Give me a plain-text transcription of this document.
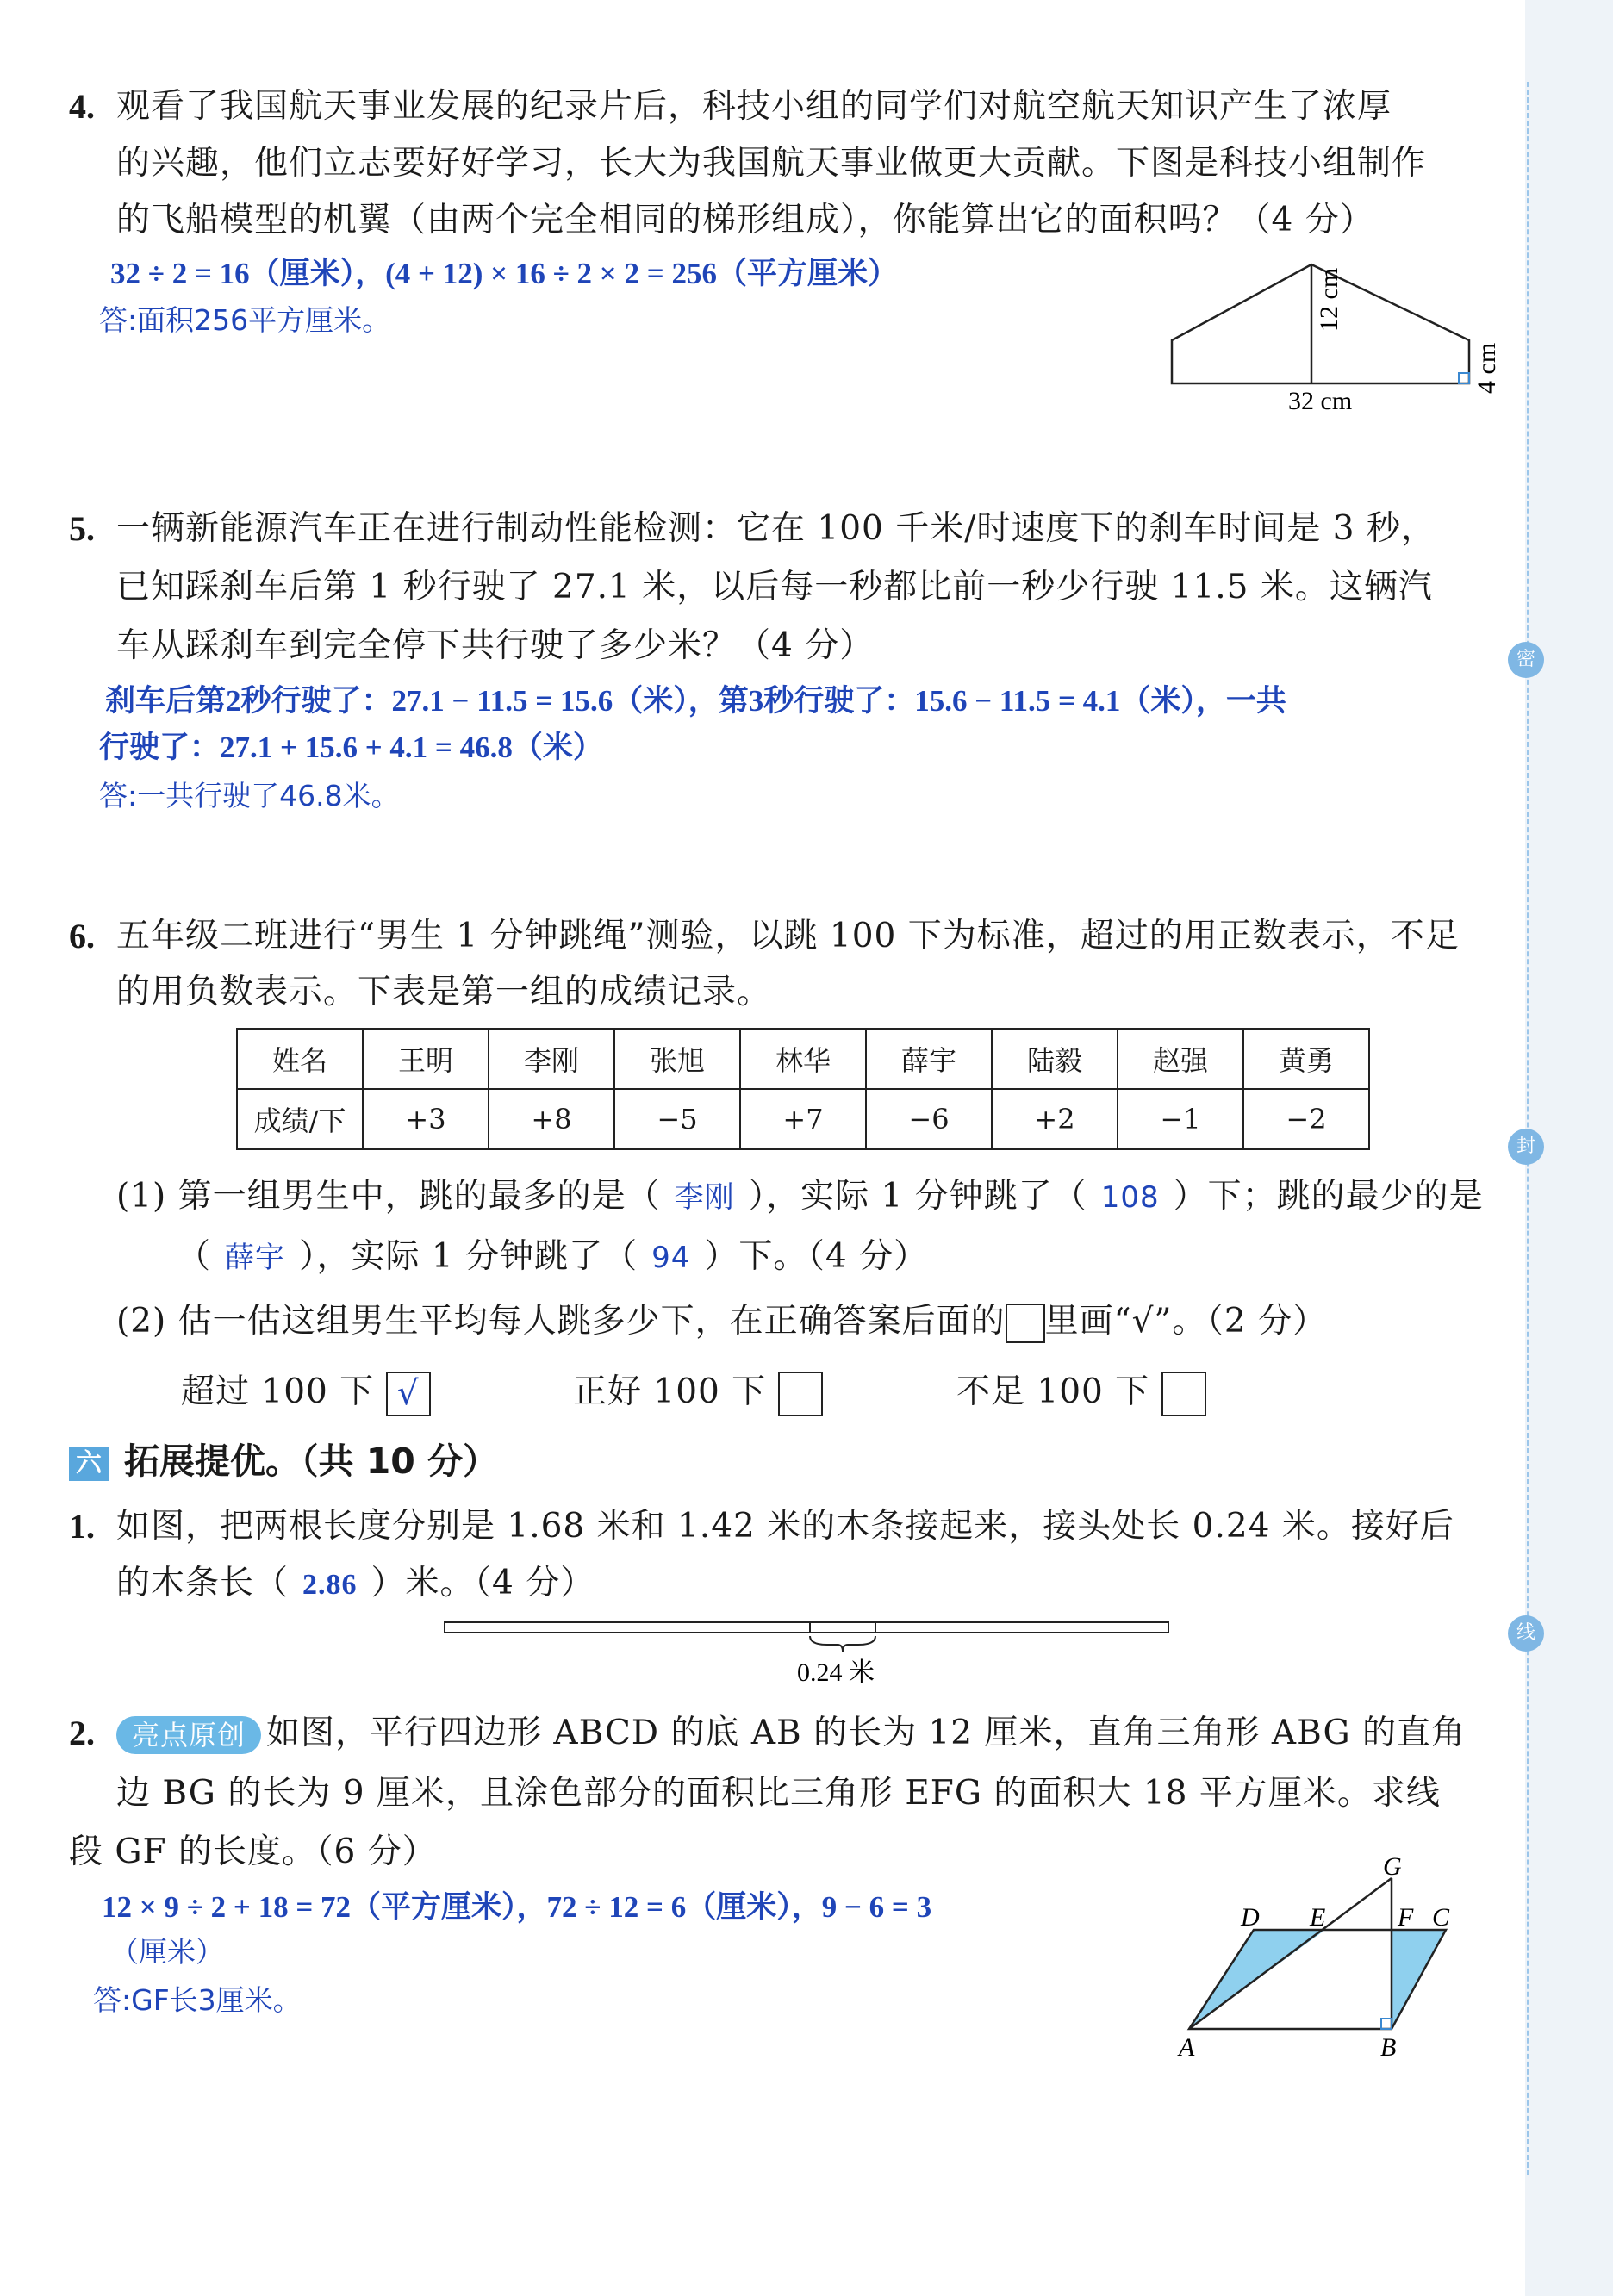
密
封
线
4. 观看了我国航天事业发展的纪录片后，科技小组的同学们对航空航天知识产生了浓厚
的兴趣，他们立志要好好学习，长大为我国航天事业做更大贡献。下图是科技小组制作
的飞船模型的机翼（由两个完全相同的梯形组成），你能算出它的面积吗？（4 分）
32 ÷ 2 = 16（厘米），(4 + 12) × 16 ÷ 2 × 2 = 256（平方厘米）
答:面积256平方厘米。	12 cm
4 cm
32 cm
5. 一辆新能源汽车正在进行制动性能检测：它在 100 千米/时速度下的刹车时间是 3 秒，
已知踩刹车后第 1 秒行驶了 27.1 米，以后每一秒都比前一秒少行驶 11.5 米。这辆汽
车从踩刹车到完全停下共行驶了多少米？（4 分）
刹车后第2秒行驶了：27.1 − 11.5 = 15.6（米），第3秒行驶了：15.6 − 11.5 = 4.1（米），一共
行驶了：27.1 + 15.6 + 4.1 = 46.8（米）
答:一共行驶了46.8米。
6. 五年级二班进行“男生 1 分钟跳绳”测验，以跳 100 下为标准，超过的用正数表示，不足
的用负数表示。下表是第一组的成绩记录。
姓名	王明	李刚	张旭	林华	薛宇	陆毅	赵强	黄勇
成绩/下	+3	+8	−5	+7	−6	+2	−1	−2
(1) 第一组男生中，跳的最多的是（ 李刚 ），实际 1 分钟跳了（ 108 ）下；跳的最少的是
（ 薛宇 ），实际 1 分钟跳了（ 94 ）下。（4 分）
(2) 估一估这组男生平均每人跳多少下，在正确答案后面的 里画“√”。（2 分）
超过 100 下 √	正好 100 下	不足 100 下
六 拓展提优。（共 10 分）
1. 如图，把两根长度分别是 1.68 米和 1.42 米的木条接起来，接头处长 0.24 米。接好后
的木条长（ 2.86 ）米。（4 分）
0.24 米
2.	亮点原创 如图，平行四边形 ABCD 的底 AB 的长为 12 厘米，直角三角形 ABG 的直角
边 BG 的长为 9 厘米，且涂色部分的面积比三角形 EFG 的面积大 18 平方厘米。求线
段 GF 的长度。（6 分）
12 × 9 ÷ 2 + 18 = 72（平方厘米），72 ÷ 12 = 6（厘米），9 − 6 = 3
（厘米）
答:GF长3厘米。
G
D E	F C
A	B
